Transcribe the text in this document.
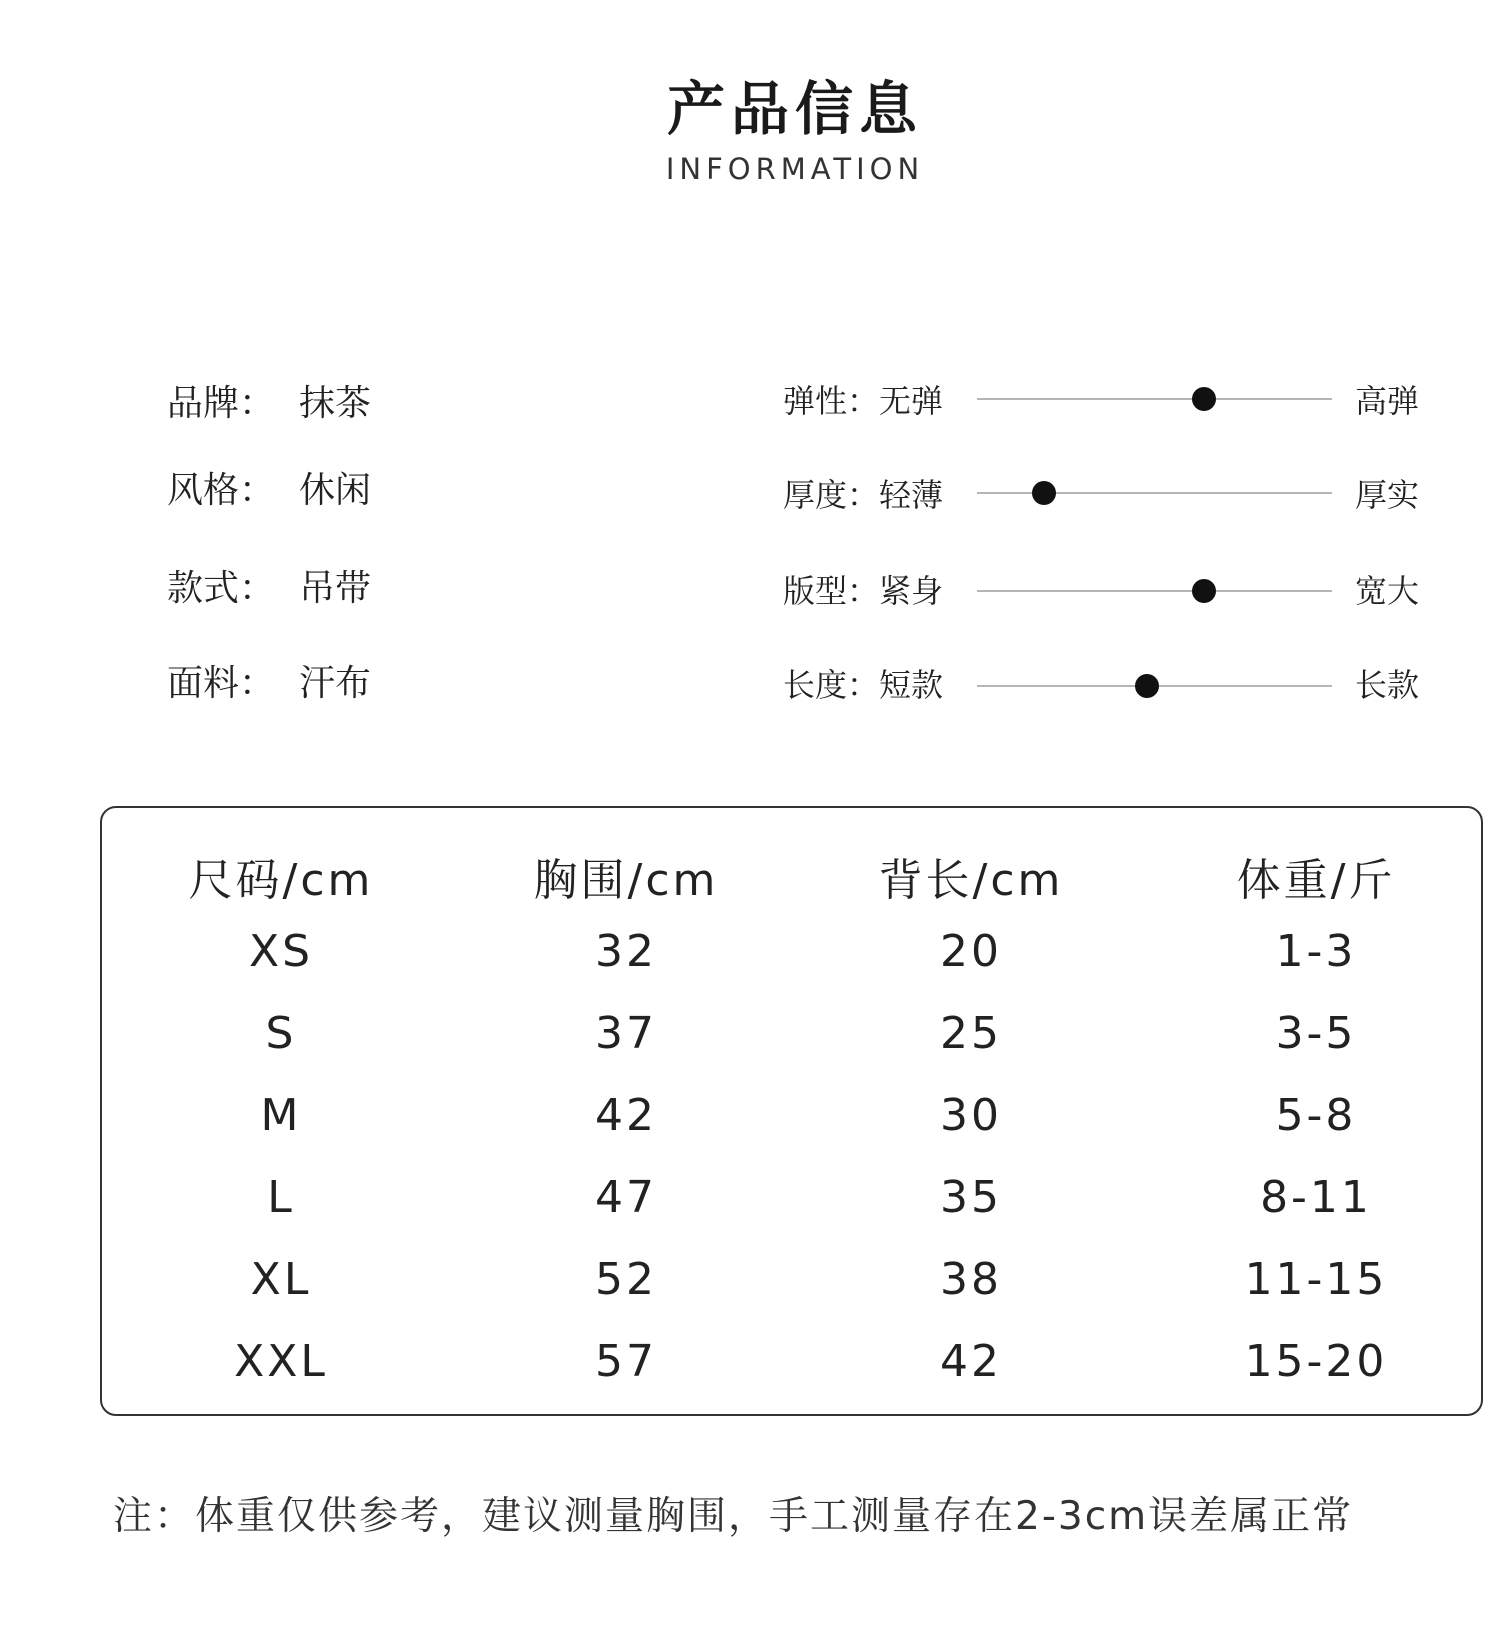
产品信息
INFORMATION
品牌： 抹茶
风格： 休闲
款式： 吊带
面料： 汗布
弹性：无弹	高弹
厚度：轻薄	厚实
版型：紧身	宽大
长度：短款	长款
尺码/cm	胸围/cm	背长/cm	体重/斤
XS	32	20	1-3
S	37	25	3-5
M	42	30	5-8
L	47	35	8-11
XL	52	38	11-15
XXL	57	42	15-20
注：体重仅供参考，建议测量胸围，手工测量存在2-3cm误差属正常
